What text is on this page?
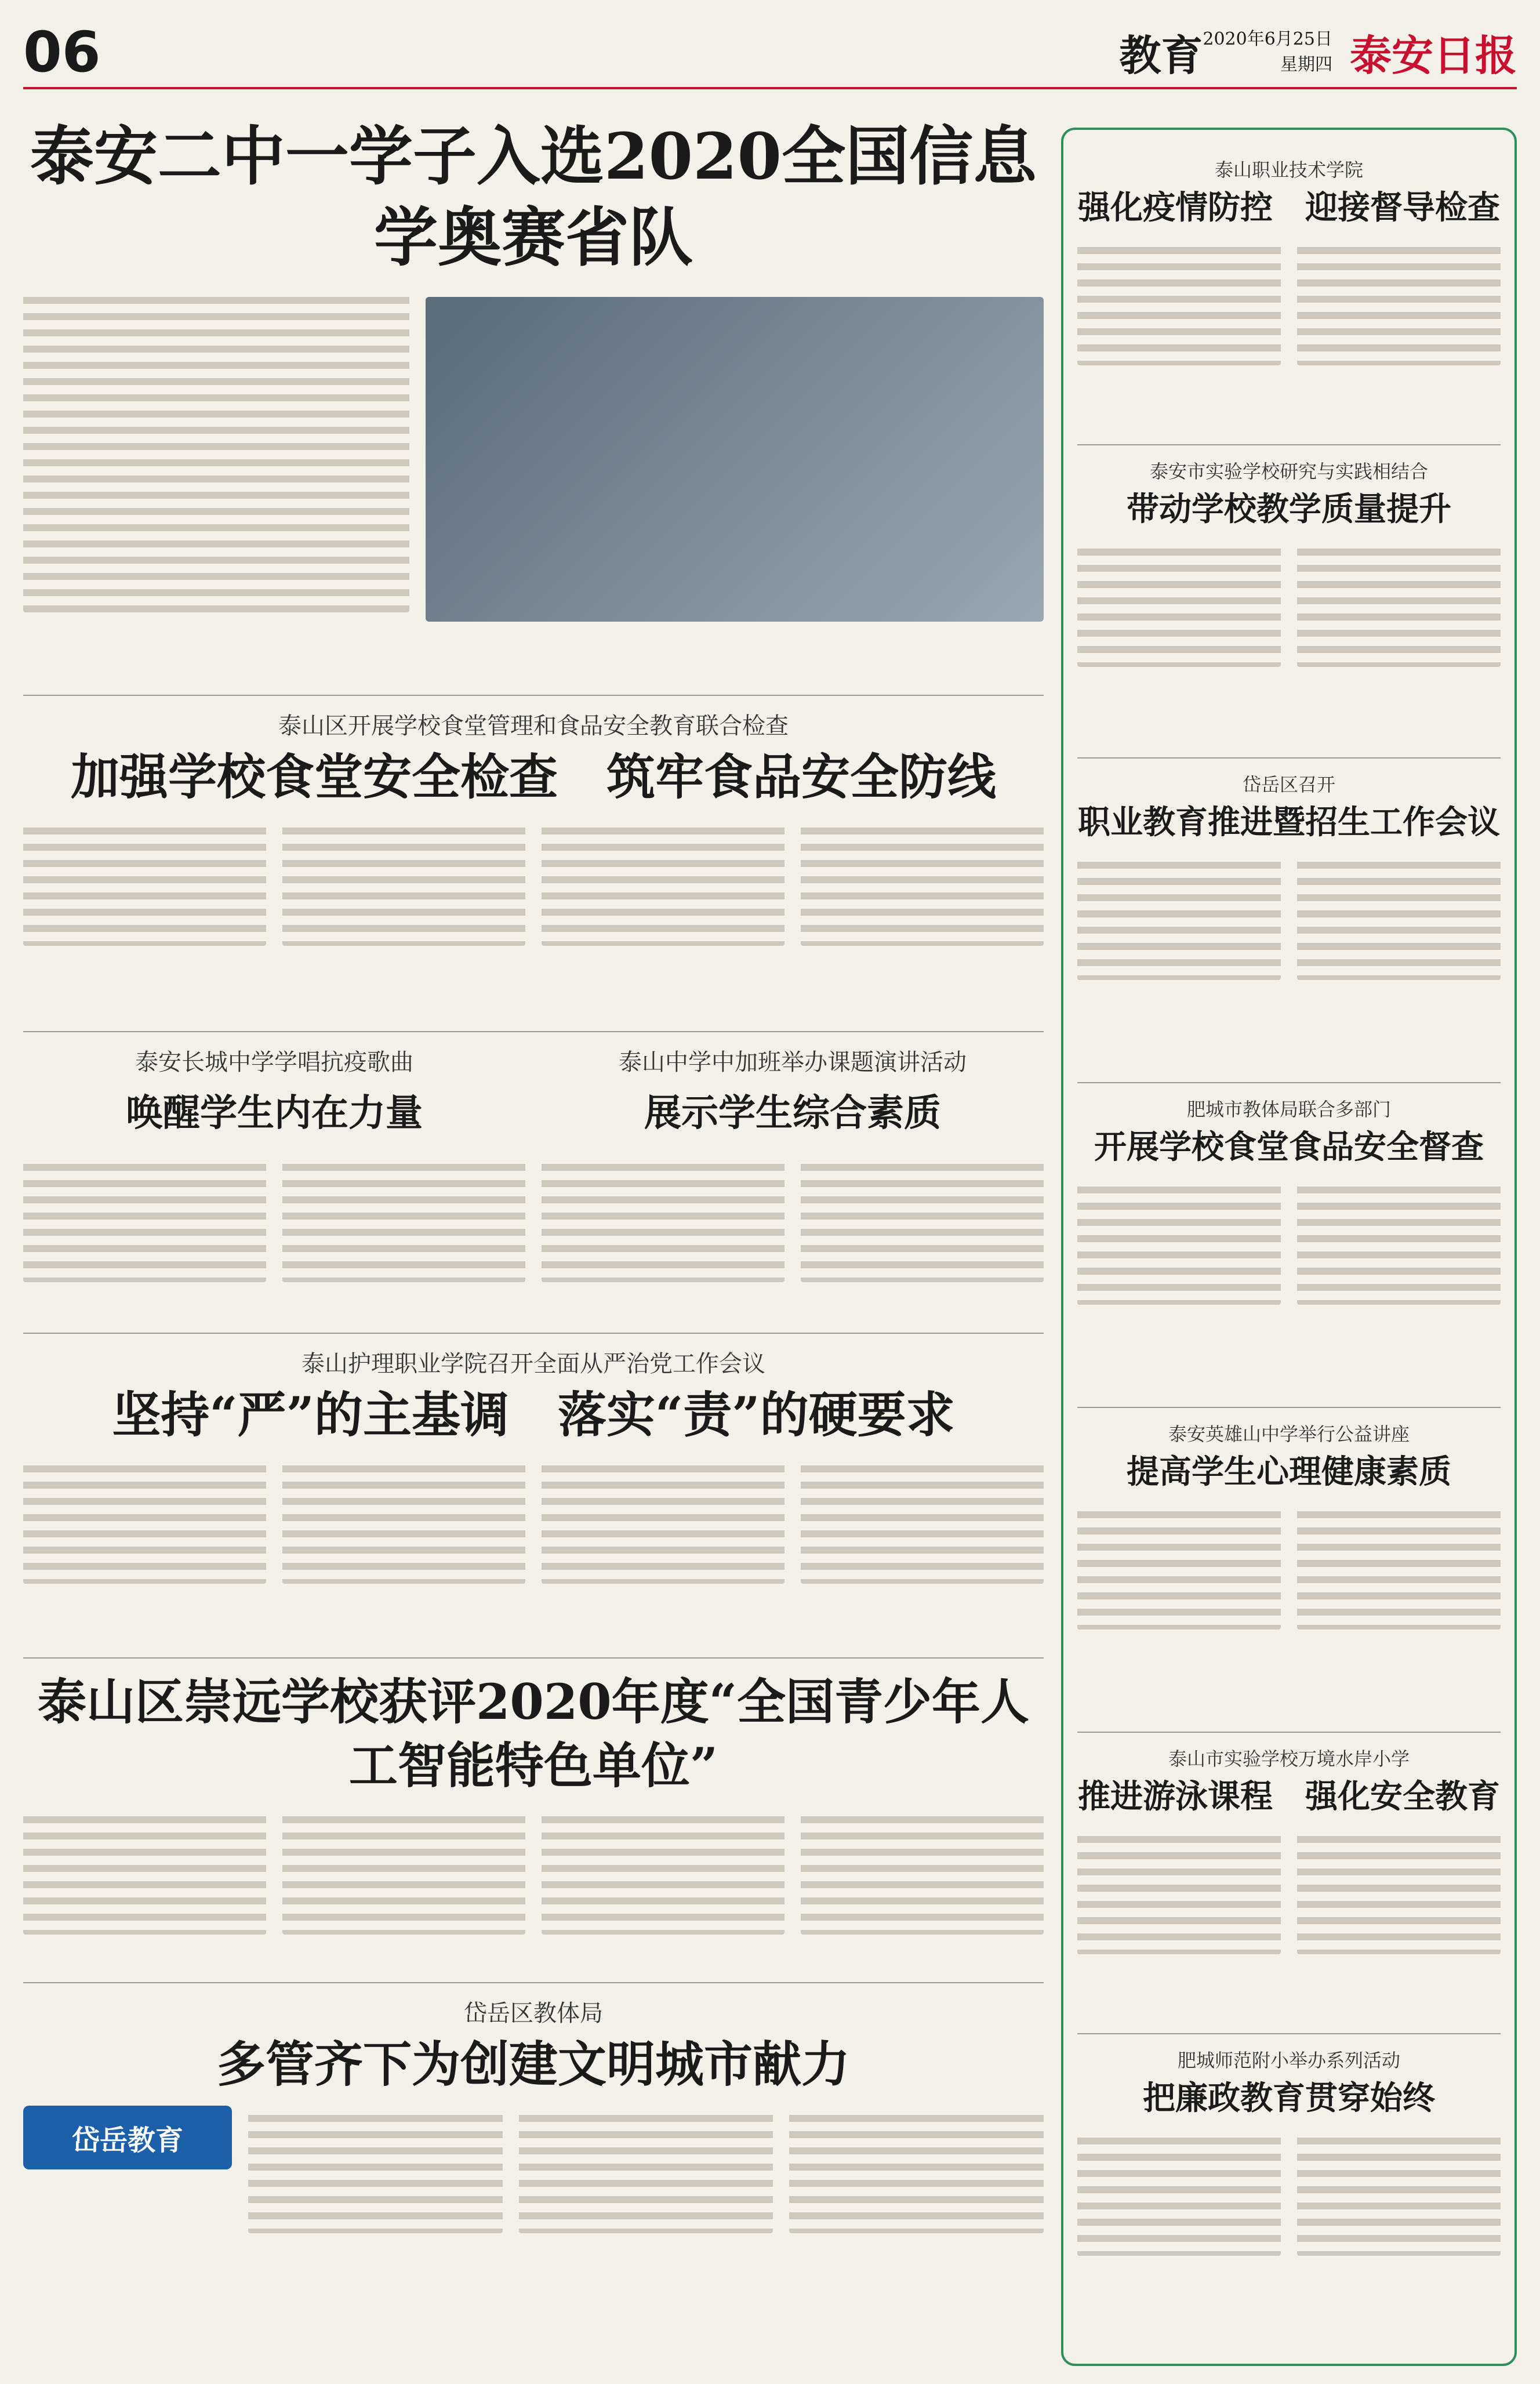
06	教育 2020年6月25日
星期四 泰安日报
泰安二中一学子入选2020全国信息学奥赛省队
泰山区开展学校食堂管理和食品安全教育联合检查
加强学校食堂安全检查　筑牢食品安全防线
泰安长城中学学唱抗疫歌曲
唤醒学生内在力量
泰山中学中加班举办课题演讲活动
展示学生综合素质
泰山护理职业学院召开全面从严治党工作会议
坚持“严”的主基调　落实“责”的硬要求
泰山区崇远学校获评2020年度“全国青少年人工智能特色单位”
岱岳区教体局
多管齐下为创建文明城市献力
岱岳教育
泰山职业技术学院
强化疫情防控　迎接督导检查
泰安市实验学校研究与实践相结合
带动学校教学质量提升
岱岳区召开
职业教育推进暨招生工作会议
肥城市教体局联合多部门
开展学校食堂食品安全督查
泰安英雄山中学举行公益讲座
提高学生心理健康素质
泰山市实验学校万境水岸小学
推进游泳课程　强化安全教育
肥城师范附小举办系列活动
把廉政教育贯穿始终
